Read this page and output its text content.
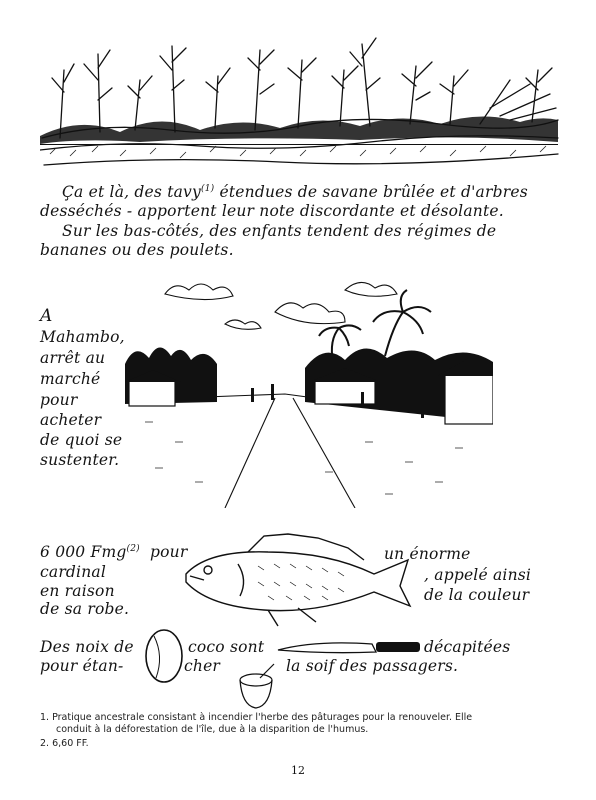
Ça et là, des tavy$^{(1)}$ étendues de savane brûlée et d'arbres
desséchés - apportent leur note discordante et désolante.
Sur les bas-côtés, des enfants tendent des régimes de
bananes ou des poulets.
A
Mahambo,
arrêt au
marché
pour
acheter
de quoi se
sustenter.
6 000 Fmg$^{(2)}$ pour
cardinal
en raison
de sa robe.
un énorme
, appelé ainsi
de la couleur
Des noix de	coco sont	décapitées
pour étan-	cher	la soif des passagers.
1. Pratique ancestrale consistant à incendier l'herbe des pâturages pour la renouveler. Elle
conduit à la déforestation de l'île, due à la disparition de l'humus.
2. 6,60 FF.
12
